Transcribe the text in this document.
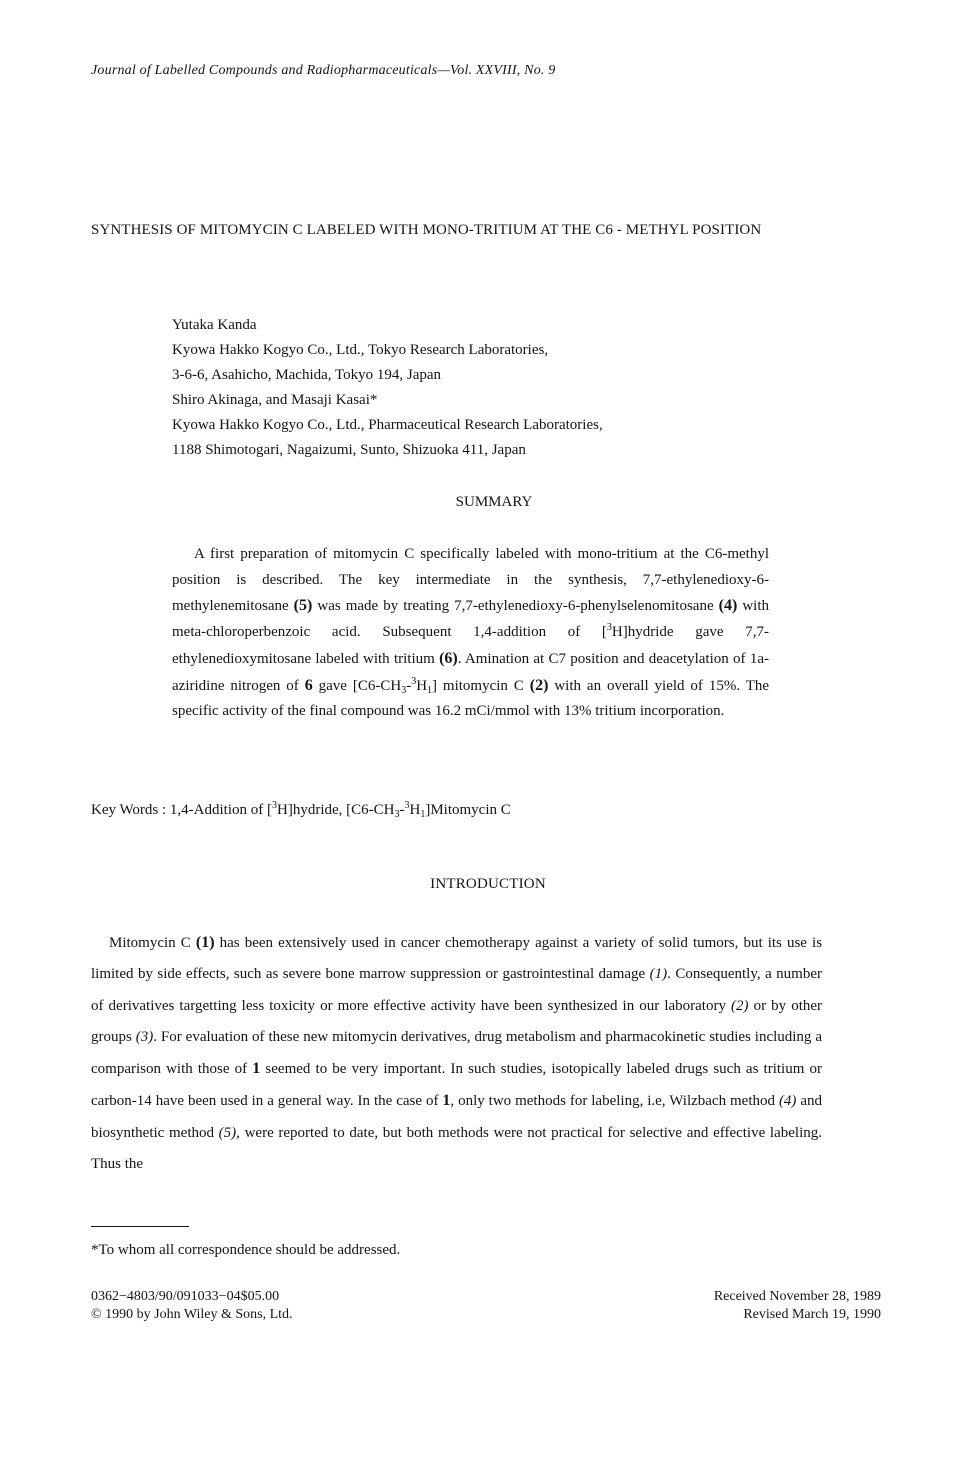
Journal of Labelled Compounds and Radiopharmaceuticals—Vol. XXVIII, No. 9
SYNTHESIS OF MITOMYCIN C LABELED WITH MONO-TRITIUM AT THE C6 - METHYL POSITION
Yutaka Kanda
Kyowa Hakko Kogyo Co., Ltd., Tokyo Research Laboratories,
3-6-6, Asahicho, Machida, Tokyo 194, Japan
Shiro Akinaga, and Masaji Kasai*
Kyowa Hakko Kogyo Co., Ltd., Pharmaceutical Research Laboratories,
1188 Shimotogari, Nagaizumi, Sunto, Shizuoka 411, Japan
SUMMARY
A first preparation of mitomycin C specifically labeled with mono-tritium at the C6-methyl position is described. The key intermediate in the synthesis, 7,7-ethylenedioxy-6-methylenemitosane (5) was made by treating 7,7-ethylenedioxy-6-phenylselenomitosane (4) with meta-chloroperbenzoic acid. Subsequent 1,4-addition of [$^3$H]hydride gave 7,7-ethylenedioxymitosane labeled with tritium (6). Amination at C7 position and deacetylation of 1a-aziridine nitrogen of 6 gave $[C6-CH_3-^3H_1]$ mitomycin C (2) with an overall yield of 15%. The specific activity of the final compound was 16.2 mCi/mmol with 13% tritium incorporation.
Key Words : 1,4-Addition of [$^3$H]hydride, $[C6-CH_3-^3H_1]Mitomycin$ C
INTRODUCTION
Mitomycin C (1) has been extensively used in cancer chemotherapy against a variety of solid tumors, but its use is limited by side effects, such as severe bone marrow suppression or gastrointestinal damage (1). Consequently, a number of derivatives targetting less toxicity or more effective activity have been synthesized in our laboratory (2) or by other groups (3). For evaluation of these new mitomycin derivatives, drug metabolism and pharmacokinetic studies including a comparison with those of 1 seemed to be very important. In such studies, isotopically labeled drugs such as tritium or carbon-14 have been used in a general way. In the case of 1, only two methods for labeling, i.e, Wilzbach method (4) and biosynthetic method (5), were reported to date, but both methods were not practical for selective and effective labeling. Thus the
*To whom all correspondence should be addressed.
0362−4803/90/091033−04$05.00
© 1990 by John Wiley & Sons, Ltd.
Received November 28, 1989
Revised March 19, 1990
